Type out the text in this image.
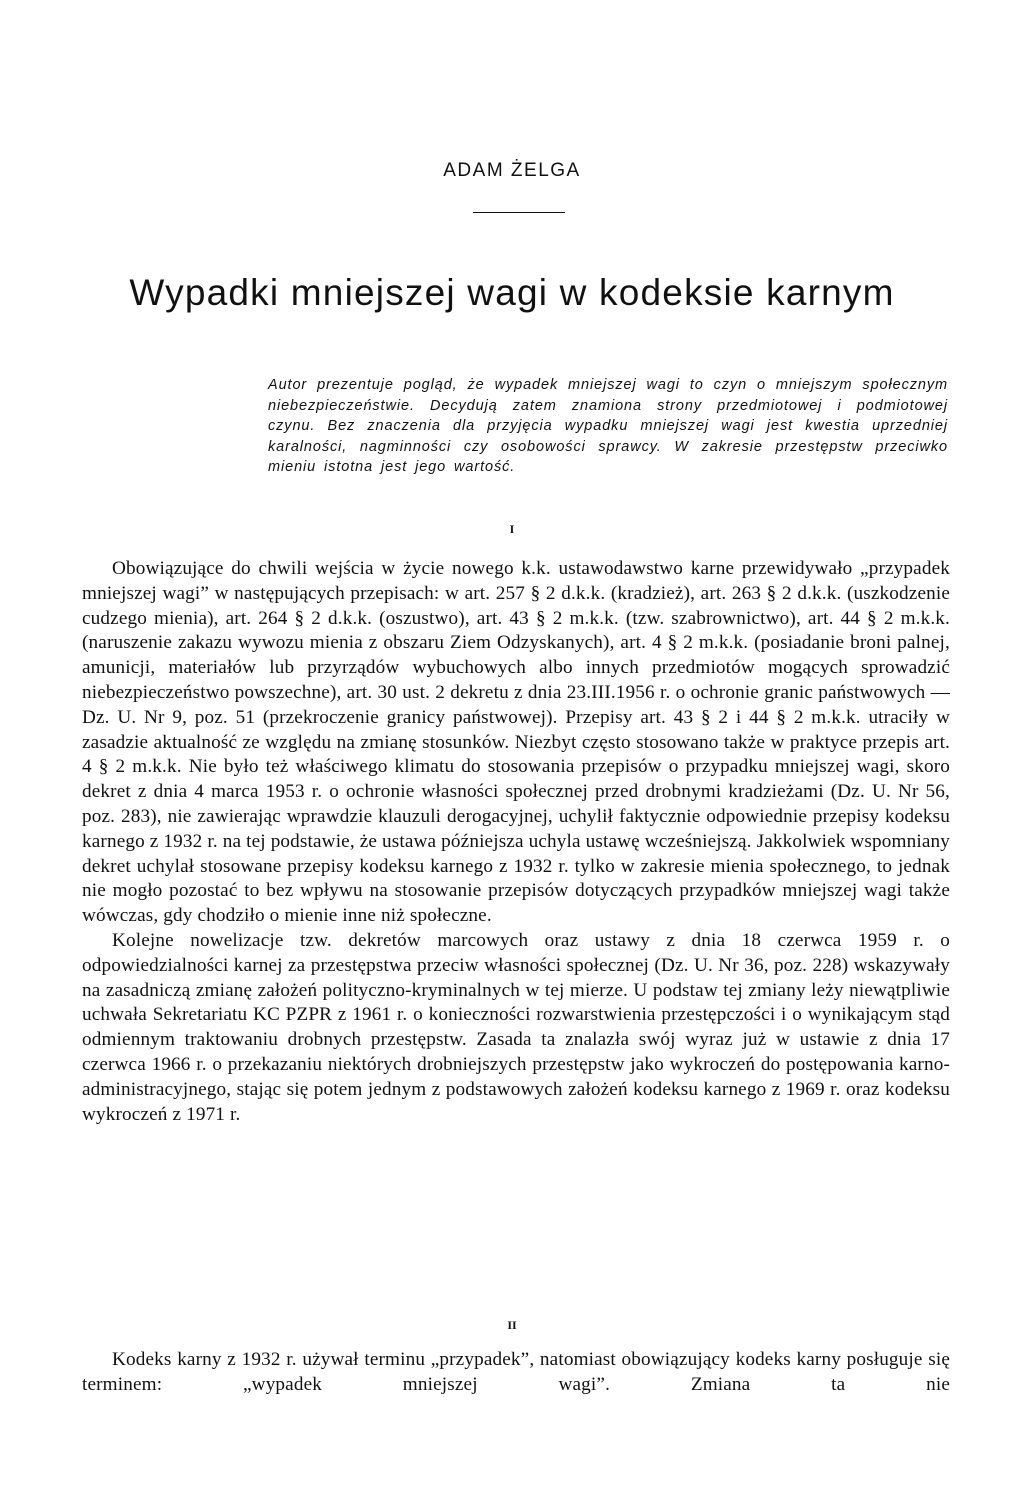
ADAM ŻELGA
Wypadki mniejszej wagi w kodeksie karnym

Autor prezentuje pogląd, że wypadek mniejszej wagi to czyn o mniejszym społecznym niebezpieczeństwie. Decydują zatem znamiona strony przedmiotowej i podmiotowej czynu. Bez znaczenia dla przyjęcia wypadku mniejszej wagi jest kwestia uprzedniej karalności, nagminności czy osobowości sprawcy. W zakresie przestępstw przeciwko mieniu istotna jest jego wartość.

I

Obowiązujące do chwili wejścia w życie nowego k.k. ustawodawstwo karne przewidywało „przypadek mniejszej wagi” w następujących przepisach: w art. 257 § 2 d.k.k. (kradzież), art. 263 § 2 d.k.k. (uszkodzenie cudzego mienia), art. 264 § 2 d.k.k. (oszustwo), art. 43 § 2 m.k.k. (tzw. szabrownictwo), art. 44 § 2 m.k.k. (naruszenie zakazu wywozu mienia z obszaru Ziem Odzyskanych), art. 4 § 2 m.k.k. (posiadanie broni palnej, amunicji, materiałów lub przyrządów wybuchowych albo innych przedmiotów mogących sprowadzić niebezpieczeństwo powszechne), art. 30 ust. 2 dekretu z dnia 23.III.1956 r. o ochronie granic państwowych — Dz. U. Nr 9, poz. 51 (przekroczenie granicy państwowej). Przepisy art. 43 § 2 i 44 § 2 m.k.k. utraciły w zasadzie aktualność ze względu na zmianę stosunków. Niezbyt często stosowano także w praktyce przepis art. 4 § 2 m.k.k. Nie było też właściwego klimatu do stosowania przepisów o przypadku mniejszej wagi, skoro dekret z dnia 4 marca 1953 r. o ochronie własności społecznej przed drobnymi kradzieżami (Dz. U. Nr 56, poz. 283), nie zawierając wprawdzie klauzuli derogacyjnej, uchylił faktycznie odpowiednie przepisy kodeksu karnego z 1932 r. na tej podstawie, że ustawa późniejsza uchyla ustawę wcześniejszą. Jakkolwiek wspomniany dekret uchylał stosowane przepisy kodeksu karnego z 1932 r. tylko w zakresie mienia społecznego, to jednak nie mogło pozostać to bez wpływu na stosowanie przepisów dotyczących przypadków mniejszej wagi także wówczas, gdy chodziło o mienie inne niż społeczne.

Kolejne nowelizacje tzw. dekretów marcowych oraz ustawy z dnia 18 czerwca 1959 r. o odpowiedzialności karnej za przestępstwa przeciw własności społecznej (Dz. U. Nr 36, poz. 228) wskazywały na zasadniczą zmianę założeń polityczno-kryminalnych w tej mierze. U podstaw tej zmiany leży niewątpliwie uchwała Sekretariatu KC PZPR z 1961 r. o konieczności rozwarstwienia przestępczości i o wynikającym stąd odmiennym traktowaniu drobnych przestępstw. Zasada ta znalazła swój wyraz już w ustawie z dnia 17 czerwca 1966 r. o przekazaniu niektórych drobniejszych przestępstw jako wykroczeń do postępowania karno-administracyjnego, stając się potem jednym z podstawowych założeń kodeksu karnego z 1969 r. oraz kodeksu wykroczeń z 1971 r.

II

Kodeks karny z 1932 r. używał terminu „przypadek”, natomiast obowiązujący kodeks karny posługuje się terminem: „wypadek mniejszej wagi”. Zmiana ta nie
